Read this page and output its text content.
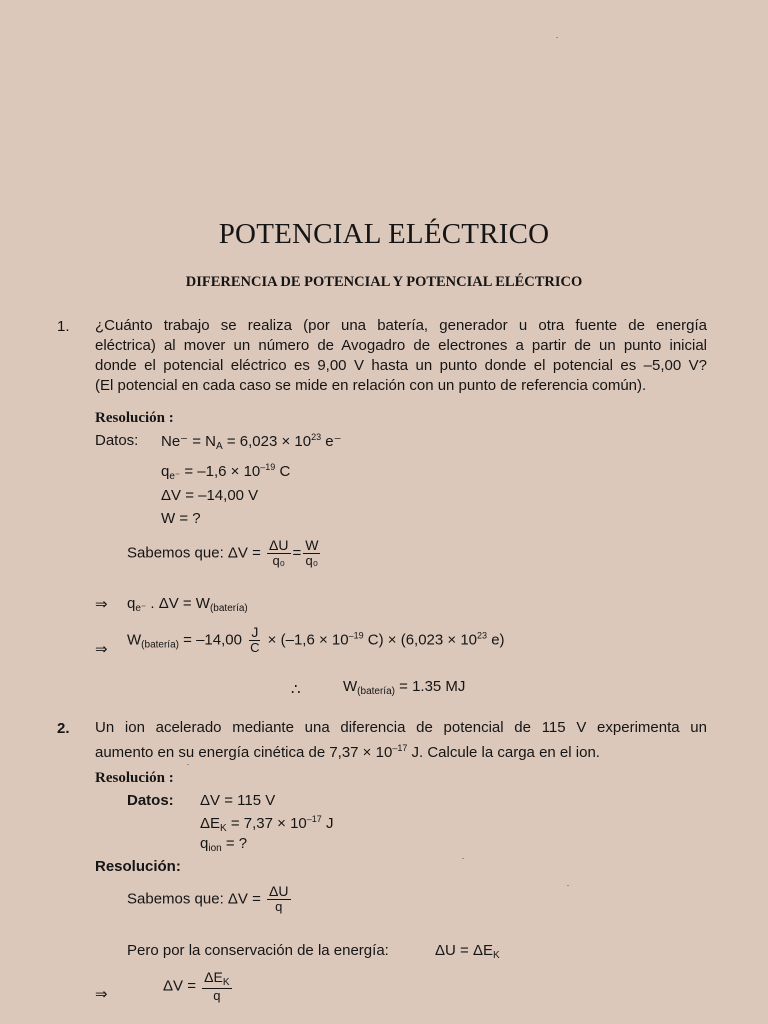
POTENCIAL ELÉCTRICO
DIFERENCIA DE POTENCIAL Y POTENCIAL ELÉCTRICO
1. ¿Cuánto trabajo se realiza (por una batería, generador u otra fuente de energía
eléctrica) al mover un número de Avogadro de electrones a partir de un punto inicial
donde el potencial eléctrico es 9,00 V hasta un punto donde el potencial es –5,00 V?
(El potencial en cada caso se mide en relación con un punto de referencia común).
Resolución :
Datos: $Ne^- = N_A = 6,023 \times 10^{23}$ e⁻
$q_{e^-} = -1,6 \times 10^{-19}$ C
ΔV = –14,00 V
W = ?
Sabemos que: $\Delta V = \frac{\Delta U}{\text{q₀}} = \frac{W}{\text{q₀}}$
⇒ $q_{e^-}$ . $\Delta V = W_{(batería)}$
⇒
$W_{(batería)} = -14,00 \frac{J}{C} \times (-1,6 \times 10^{-19}$ $C) \times (6,023 \times 10^{23}$ e)
∴	$W_{(batería)} = 1.35$ MJ
2. Un ion acelerado mediante una diferencia de potencial de 115 V experimenta un
aumento en su energía cinética de $7,37 \times 10^{-17}$ J. Calcule la carga en el ion.
Resolución :
Datos: ΔV = 115 V
$\Delta E_K = 7,37 \times 10^{-17}$ J
$q_{ion}$ = ?
Resolución:
Sabemos que: $\Delta V = \frac{\Delta U}{q}$
Pero por la conservación de la energía:	$\Delta U = \Delta E_K$
⇒	$\Delta V = \frac{\Delta E_K}{q}$
